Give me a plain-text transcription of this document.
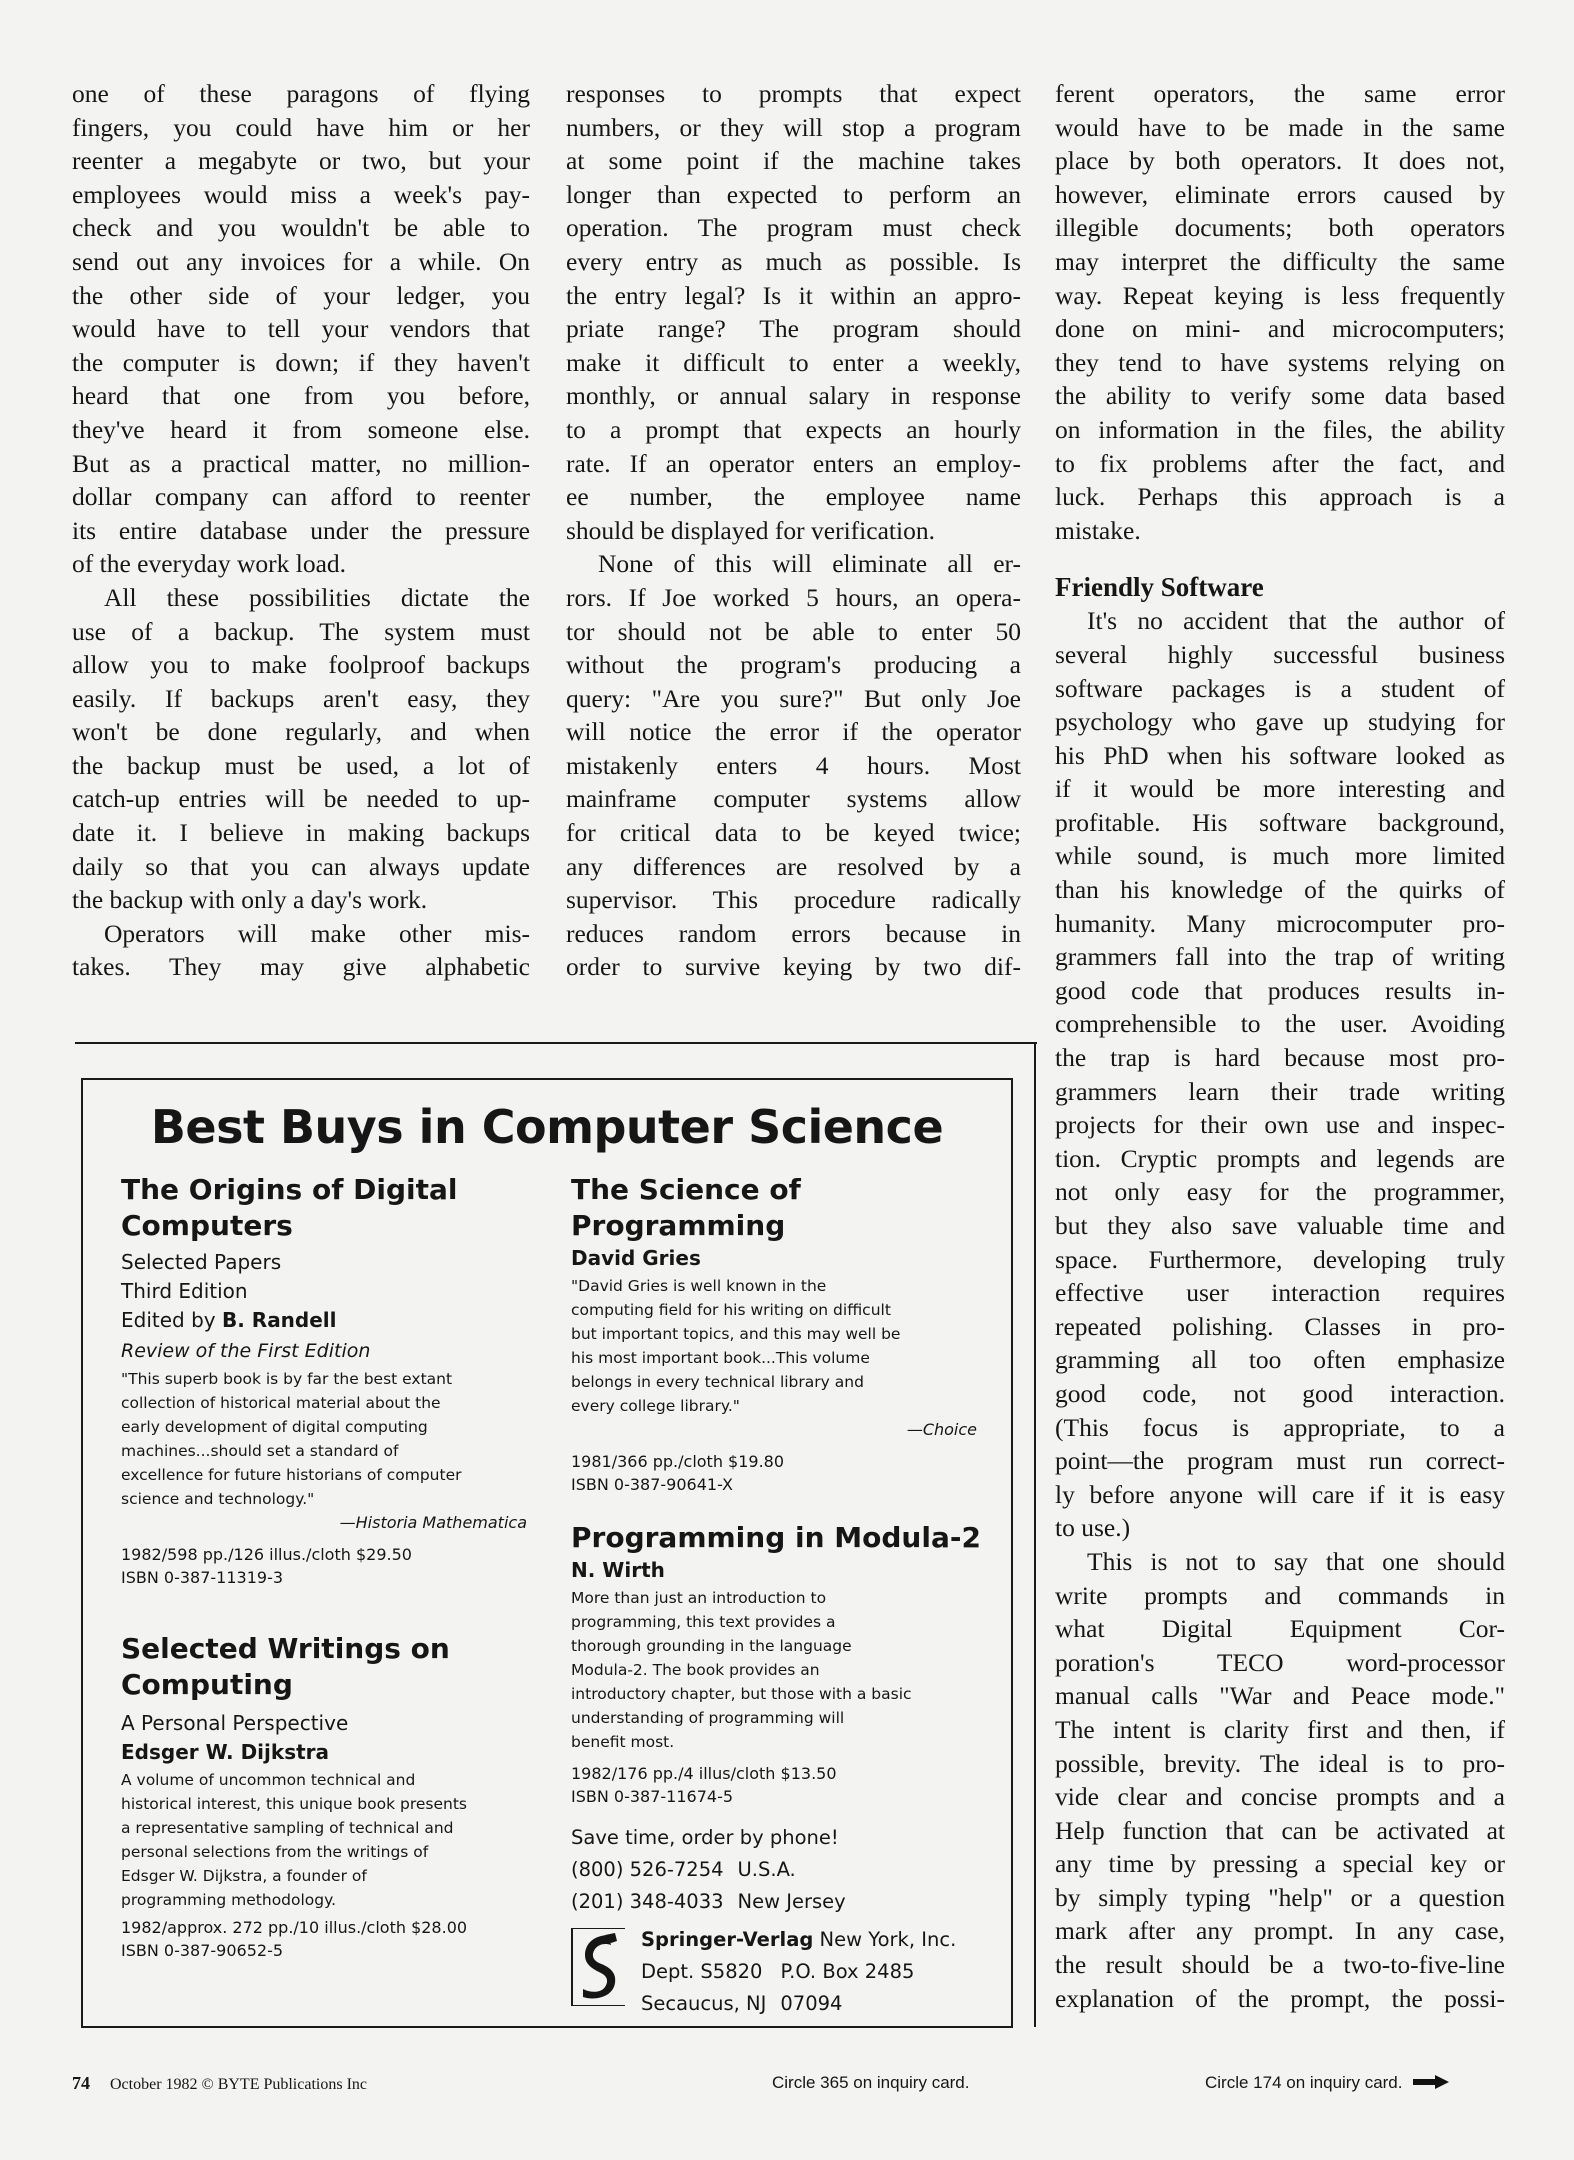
one of these paragons of flying
fingers, you could have him or her
reenter a megabyte or two, but your
employees would miss a week's pay-
check and you wouldn't be able to
send out any invoices for a while. On
the other side of your ledger, you
would have to tell your vendors that
the computer is down; if they haven't
heard that one from you before,
they've heard it from someone else.
But as a practical matter, no million-
dollar company can afford to reenter
its entire database under the pressure
of the everyday work load.

All these possibilities dictate the
use of a backup. The system must
allow you to make foolproof backups
easily. If backups aren't easy, they
won't be done regularly, and when
the backup must be used, a lot of
catch-up entries will be needed to up-
date it. I believe in making backups
daily so that you can always update
the backup with only a day's work.

Operators will make other mis-
takes. They may give alphabetic

responses to prompts that expect
numbers, or they will stop a program
at some point if the machine takes
longer than expected to perform an
operation. The program must check
every entry as much as possible. Is
the entry legal? Is it within an appro-
priate range? The program should
make it difficult to enter a weekly,
monthly, or annual salary in response
to a prompt that expects an hourly
rate. If an operator enters an employ-
ee number, the employee name
should be displayed for verification.

None of this will eliminate all er-
rors. If Joe worked 5 hours, an opera-
tor should not be able to enter 50
without the program's producing a
query: "Are you sure?" But only Joe
will notice the error if the operator
mistakenly enters 4 hours. Most
mainframe computer systems allow
for critical data to be keyed twice;
any differences are resolved by a
supervisor. This procedure radically
reduces random errors because in
order to survive keying by two dif-

ferent operators, the same error
would have to be made in the same
place by both operators. It does not,
however, eliminate errors caused by
illegible documents; both operators
may interpret the difficulty the same
way. Repeat keying is less frequently
done on mini- and microcomputers;
they tend to have systems relying on
the ability to verify some data based
on information in the files, the ability
to fix problems after the fact, and
luck. Perhaps this approach is a
mistake.

Friendly Software

It's no accident that the author of
several highly successful business
software packages is a student of
psychology who gave up studying for
his PhD when his software looked as
if it would be more interesting and
profitable. His software background,
while sound, is much more limited
than his knowledge of the quirks of
humanity. Many microcomputer pro-
grammers fall into the trap of writing
good code that produces results in-
comprehensible to the user. Avoiding
the trap is hard because most pro-
grammers learn their trade writing
projects for their own use and inspec-
tion. Cryptic prompts and legends are
not only easy for the programmer,
but they also save valuable time and
space. Furthermore, developing truly
effective user interaction requires
repeated polishing. Classes in pro-
gramming all too often emphasize
good code, not good interaction.
(This focus is appropriate, to a
point—the program must run correct-
ly before anyone will care if it is easy
to use.)

This is not to say that one should
write prompts and commands in
what Digital Equipment Cor-
poration's TECO word-processor
manual calls "War and Peace mode."
The intent is clarity first and then, if
possible, brevity. The ideal is to pro-
vide clear and concise prompts and a
Help function that can be activated at
any time by pressing a special key or
by simply typing "help" or a question
mark after any prompt. In any case,
the result should be a two-to-five-line
explanation of the prompt, the possi-

Best Buys in Computer Science

The Origins of Digital
Computers

Selected Papers

Third Edition

Edited by B. Randell

Review of the First Edition

"This superb book is by far the best extant
collection of historical material about the
early development of digital computing
machines...should set a standard of
excellence for future historians of computer
science and technology."
—Historia Mathematica
1982/598 pp./126 illus./cloth $29.50
ISBN 0-387-11319-3

Selected Writings on
Computing

A Personal Perspective

Edsger W. Dijkstra

A volume of uncommon technical and
historical interest, this unique book presents
a representative sampling of technical and
personal selections from the writings of
Edsger W. Dijkstra, a founder of
programming methodology.
1982/approx. 272 pp./10 illus./cloth $28.00
ISBN 0-387-90652-5

The Science of Programming

David Gries

"David Gries is well known in the
computing field for his writing on difficult
but important topics, and this may well be
his most important book...This volume
belongs in every technical library and
every college library."
—Choice
1981/366 pp./cloth $19.80
ISBN 0-387-90641-X

Programming in Modula-2

N. Wirth

More than just an introduction to
programming, this text provides a
thorough grounding in the language
Modula-2. The book provides an
introductory chapter, but those with a basic
understanding of programming will
benefit most.
1982/176 pp./4 illus/cloth $13.50
ISBN 0-387-11674-5
Save time, order by phone!
(800) 526-7254 U.S.A.
(201) 348-4033 New Jersey
Springer-Verlag New York, Inc.
Dept. S5820 P.O. Box 2485
Secaucus, NJ 07094
74 October 1982 © BYTE Publications Inc	Circle 365 on inquiry card.	Circle 174 on inquiry card.
